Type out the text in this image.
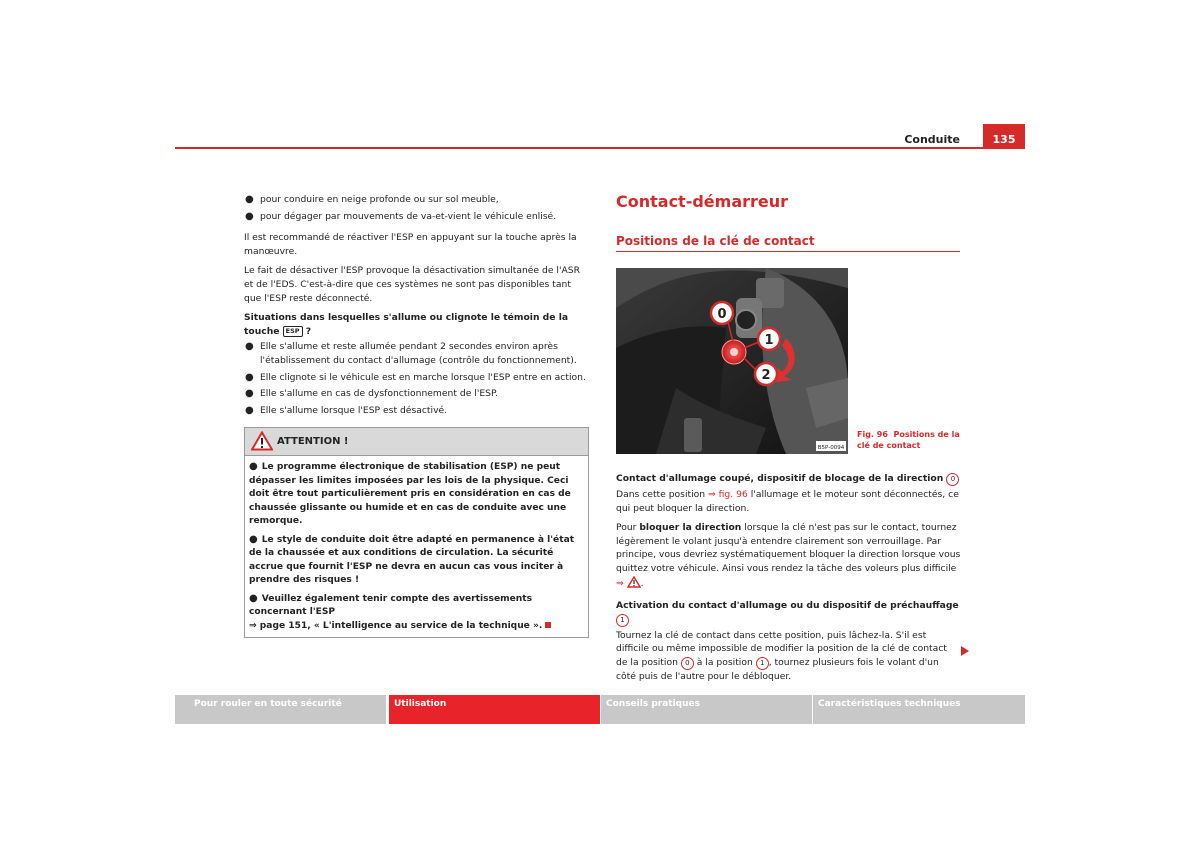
Conduite	135
● pour conduire en neige profonde ou sur sol meuble,
● pour dégager par mouvements de va-et-vient le véhicule enlisé.

Il est recommandé de réactiver l'ESP en appuyant sur la touche après la manœuvre.

Le fait de désactiver l'ESP provoque la désactivation simultanée de l'ASR et de l'EDS. C'est-à-dire que ces systèmes ne sont pas disponibles tant que l'ESP reste déconnecté.

Situations dans lesquelles s'allume ou clignote le témoin de la touche ESP ?
● Elle s'allume et reste allumée pendant 2 secondes environ après l'établissement du contact d'allumage (contrôle du fonctionnement).
● Elle clignote si le véhicule est en marche lorsque l'ESP entre en action.
● Elle s'allume en cas de dysfonctionnement de l'ESP.
● Elle s'allume lorsque l'ESP est désactivé.
ATTENTION !
● Le programme électronique de stabilisation (ESP) ne peut dépasser les limites imposées par les lois de la physique. Ceci doit être tout particulièrement pris en considération en cas de chaussée glissante ou humide et en cas de conduite avec une remorque.
● Le style de conduite doit être adapté en permanence à l'état de la chaussée et aux conditions de circulation. La sécurité accrue que fournit l'ESP ne devra en aucun cas vous inciter à prendre des risques !
● Veuillez également tenir compte des avertissements concernant l'ESP
⇒ page 151, « L'intelligence au service de la technique ».
Contact-démarreur
Positions de la clé de contact
0
1
2
B5P-0094
Fig. 96 Positions de la clé de contact
Contact d'allumage coupé, dispositif de blocage de la direction 0

Dans cette position ⇒ fig. 96 l'allumage et le moteur sont déconnectés, ce qui peut bloquer la direction.

Pour bloquer la direction lorsque la clé n'est pas sur le contact, tournez légèrement le volant jusqu'à entendre clairement son verrouillage. Par principe, vous devriez systématiquement bloquer la direction lorsque vous quittez votre véhicule. Ainsi vous rendez la tâche des voleurs plus difficile ⇒ .

Activation du contact d'allumage ou du dispositif de préchauffage 1

Tournez la clé de contact dans cette position, puis lâchez-la. S'il est difficile ou même impossible de modifier la position de la clé de contact de la position 0 à la position 1 , tournez plusieurs fois le volant d'un côté puis de l'autre pour le débloquer.

Pour rouler en toute sécurité	Utilisation	Conseils pratiques	Caractéristiques techniques
